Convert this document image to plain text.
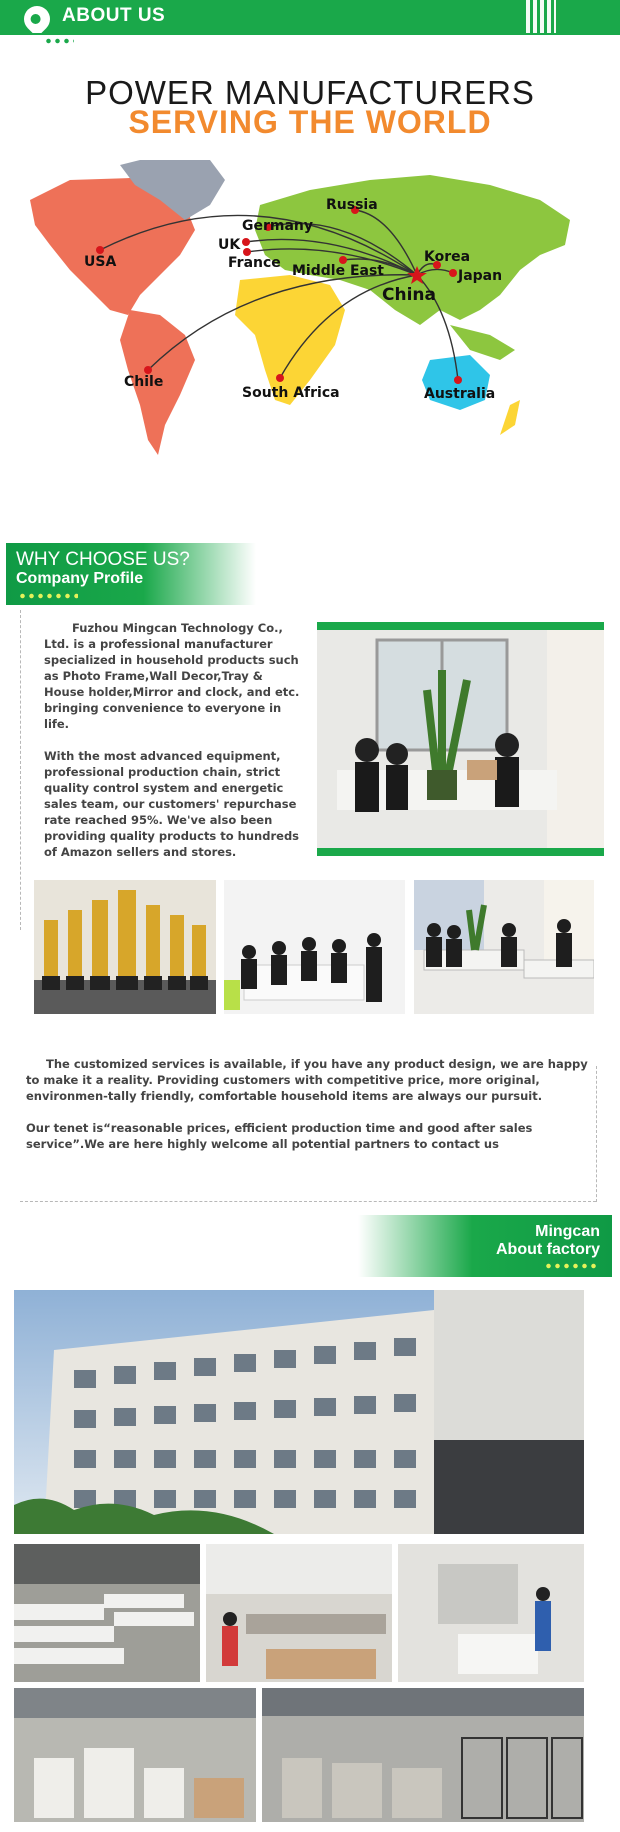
ABOUT US
POWER MANUFACTURERS
SERVING THE WORLD
USA
Germany
Russia
UK
France Middle East
Korea
Japan
China
Chile
South Africa	Australia
WHY CHOOSE US?
Company Profile

Fuzhou Mingcan Technology Co., Ltd. is a professional manufacturer specialized in household products such as Photo Frame,Wall Decor,Tray & House holder,Mirror and clock, and etc. bringing convenience to everyone in life.

With the most advanced equipment, professional production chain, strict quality control system and energetic sales team, our customers' repurchase rate reached 95%. We've also been providing quality products to hundreds of Amazon sellers and stores.

The customized services is available, if you have any product design, we are happy to make it a reality. Providing customers with competitive price, more original, environmen-tally friendly, comfortable household items are always our pursuit.

Our tenet is“reasonable prices, efficient production time and good after sales service”.We are here highly welcome all potential partners to contact us

Mingcan
About factory
